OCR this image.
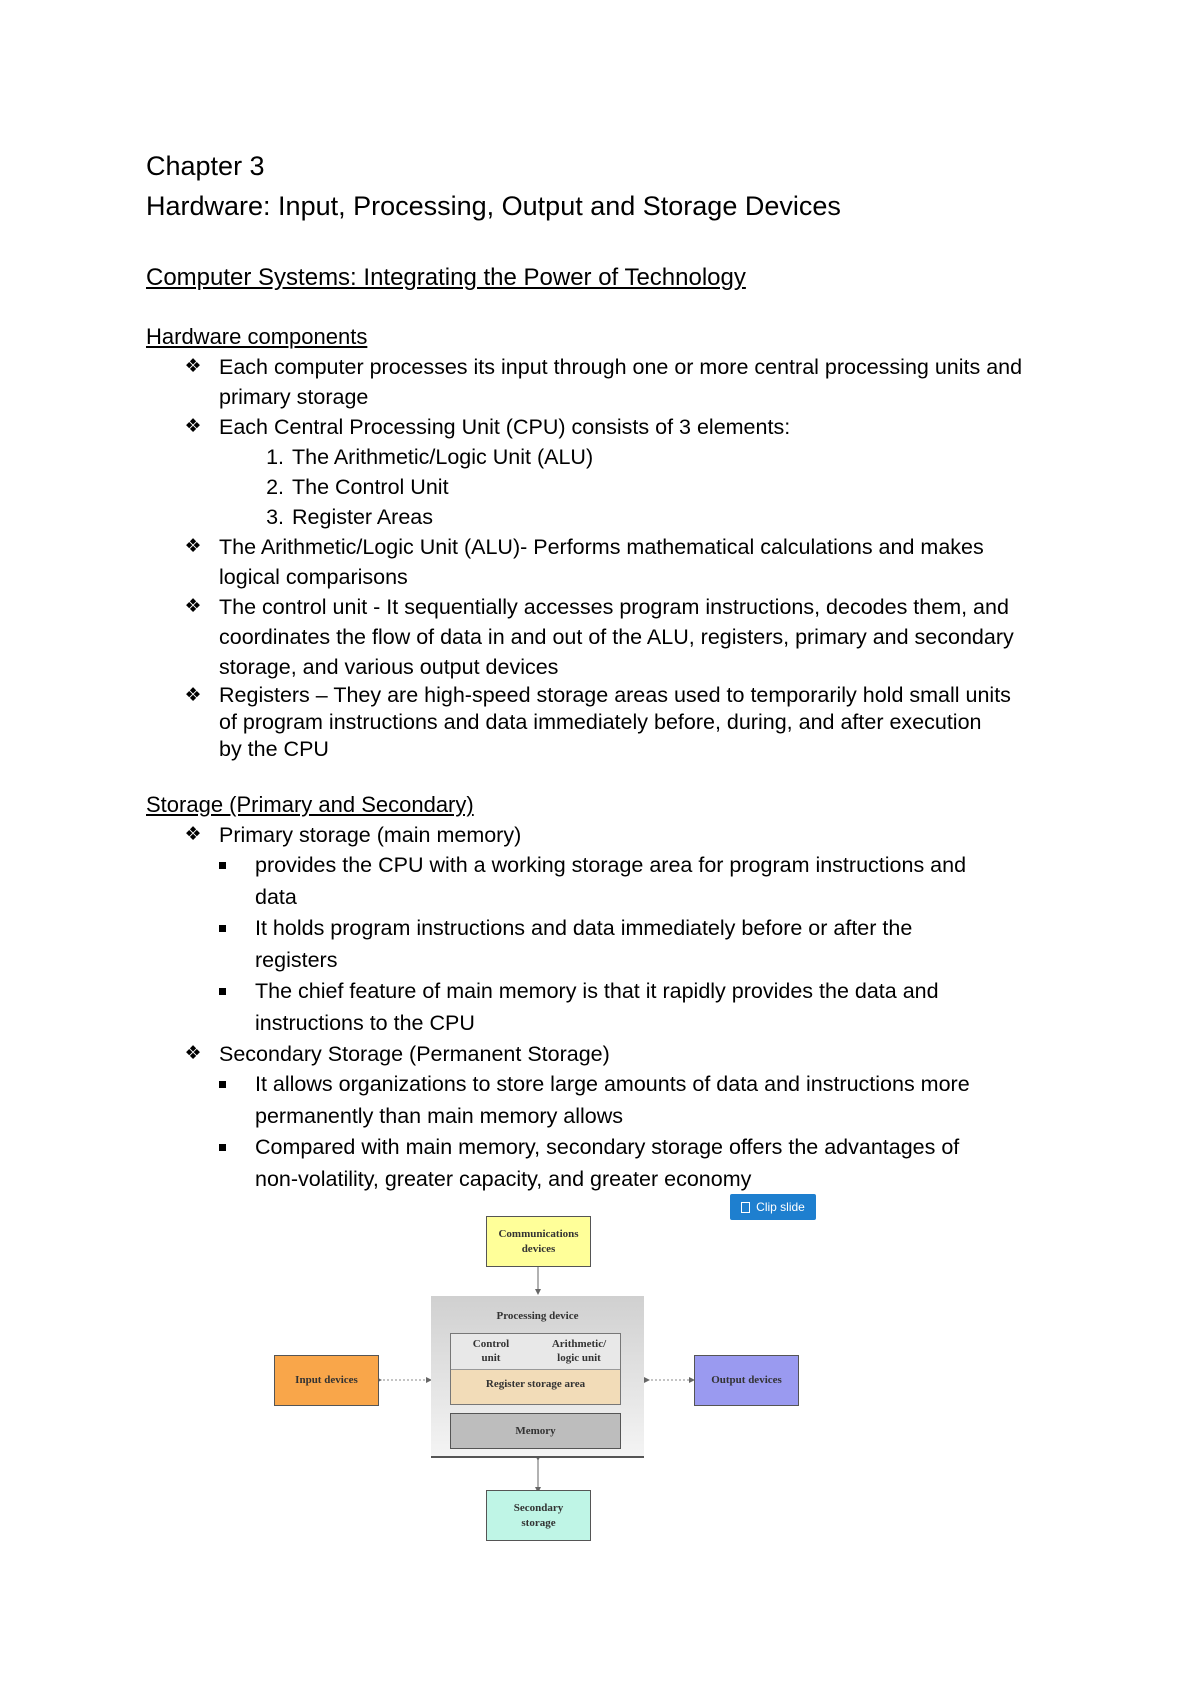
Chapter 3
Hardware: Input, Processing, Output and Storage Devices
Computer Systems: Integrating the Power of Technology
Hardware components
❖ Each computer processes its input through one or more central processing units and
primary storage
❖ Each Central Processing Unit (CPU) consists of 3 elements:
1. The Arithmetic/Logic Unit (ALU)
2. The Control Unit
3. Register Areas
❖ The Arithmetic/Logic Unit (ALU)- Performs mathematical calculations and makes
logical comparisons
❖ The control unit - It sequentially accesses program instructions, decodes them, and
coordinates the flow of data in and out of the ALU, registers, primary and secondary
storage, and various output devices
❖ Registers – They are high-speed storage areas used to temporarily hold small units
of program instructions and data immediately before, during, and after execution
by the CPU
Storage (Primary and Secondary)
❖ Primary storage (main memory)
provides the CPU with a working storage area for program instructions and
data
It holds program instructions and data immediately before or after the
registers
The chief feature of main memory is that it rapidly provides the data and
instructions to the CPU
❖ Secondary Storage (Permanent Storage)
It allows organizations to store large amounts of data and instructions more
permanently than main memory allows
Compared with main memory, secondary storage offers the advantages of
non-volatility, greater capacity, and greater economy
Clip slide
Communications
devices
Processing device
Control
unit
Arithmetic/
logic unit
Register storage area
Memory
Input devices	Output devices
Secondary
storage
